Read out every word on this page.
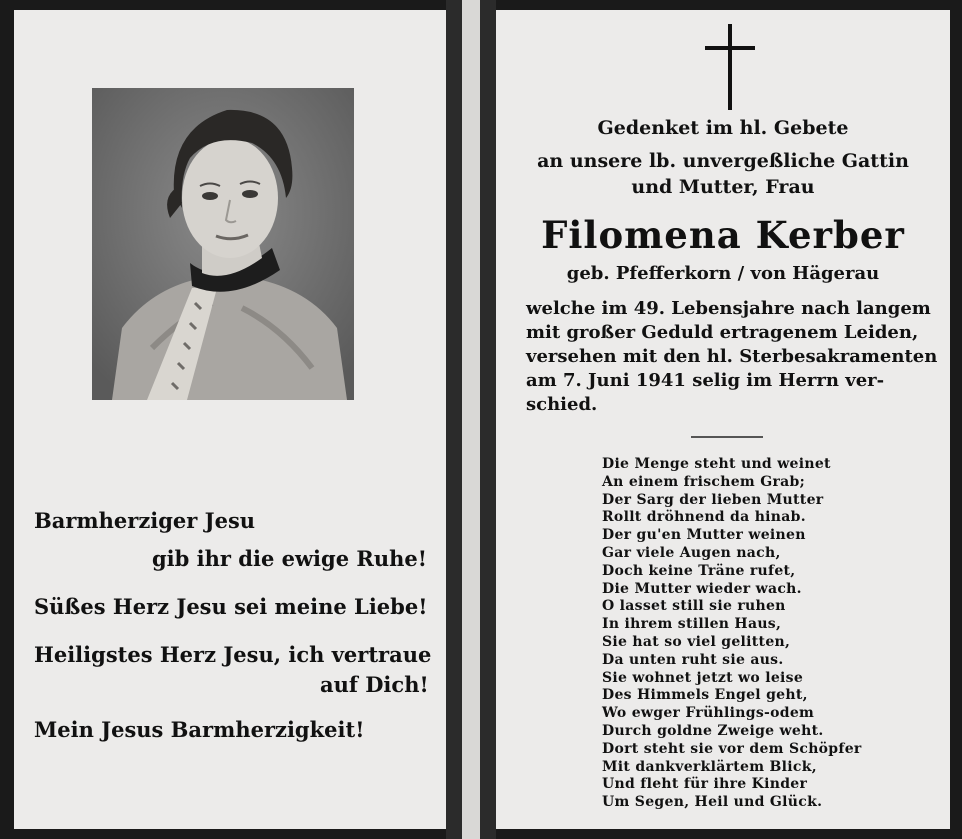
Barmherziger Jesu
gib ihr die ewige Ruhe!
Süßes Herz Jesu sei meine Liebe!
Heiligstes Herz Jesu, ich vertraue
auf Dich!
Mein Jesus Barmherzigkeit!
Gedenket im hl. Gebete
an unsere lb. unvergeßliche Gattin
und Mutter, Frau
Filomena Kerber
geb. Pfefferkorn / von Hägerau
welche im 49. Lebensjahre nach langem
mit großer Geduld ertragenem Leiden,
versehen mit den hl. Sterbesakramenten
am 7. Juni 1941 selig im Herrn ver-
schied.
Die Menge steht und weinet
An einem frischem Grab;
Der Sarg der lieben Mutter
Rollt dröhnend da hinab.
Der gu'en Mutter weinen
Gar viele Augen nach,
Doch keine Träne rufet,
Die Mutter wieder wach.
O lasset still sie ruhen
In ihrem stillen Haus,
Sie hat so viel gelitten,
Da unten ruht sie aus.
Sie wohnet jetzt wo leise
Des Himmels Engel geht,
Wo ewger Frühlings-odem
Durch goldne Zweige weht.
Dort steht sie vor dem Schöpfer
Mit dankverklärtem Blick,
Und fleht für ihre Kinder
Um Segen, Heil und Glück.
